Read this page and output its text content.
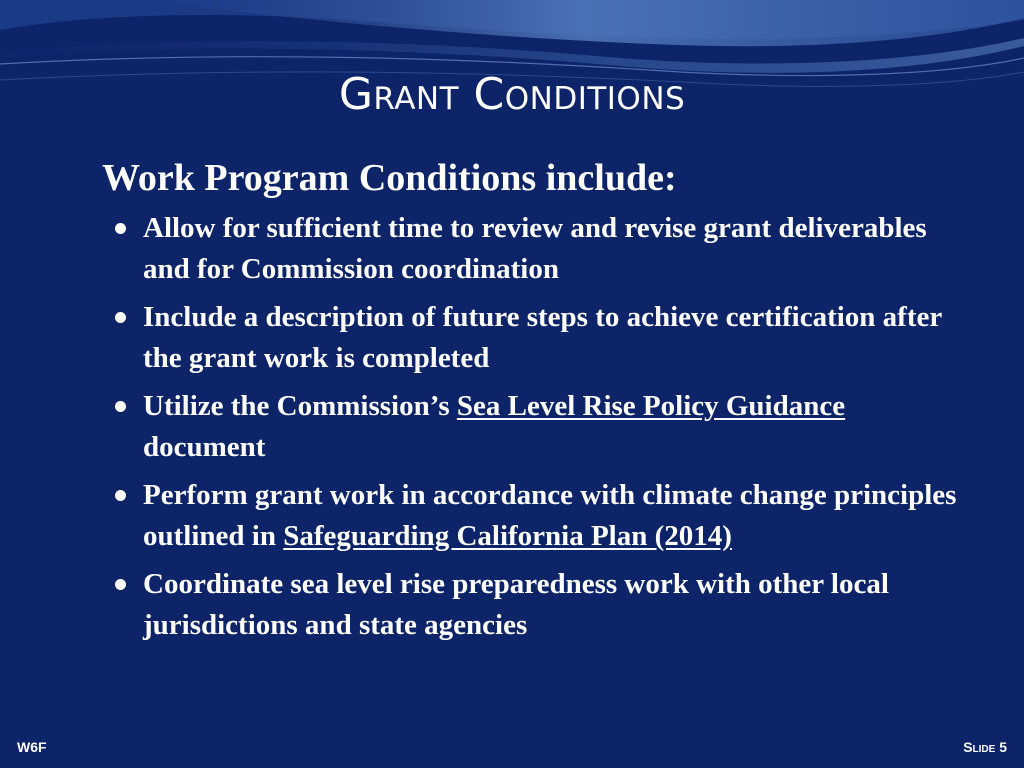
Grant Conditions
Work Program Conditions include:
Allow for sufficient time to review and revise grant deliverables and for Commission coordination
Include a description of future steps to achieve certification after the grant work is completed
Utilize the Commission’s Sea Level Rise Policy Guidance document
Perform grant work in accordance with climate change principles outlined in Safeguarding California Plan (2014)
Coordinate sea level rise preparedness work with other local jurisdictions and state agencies
W6F	Slide 5
